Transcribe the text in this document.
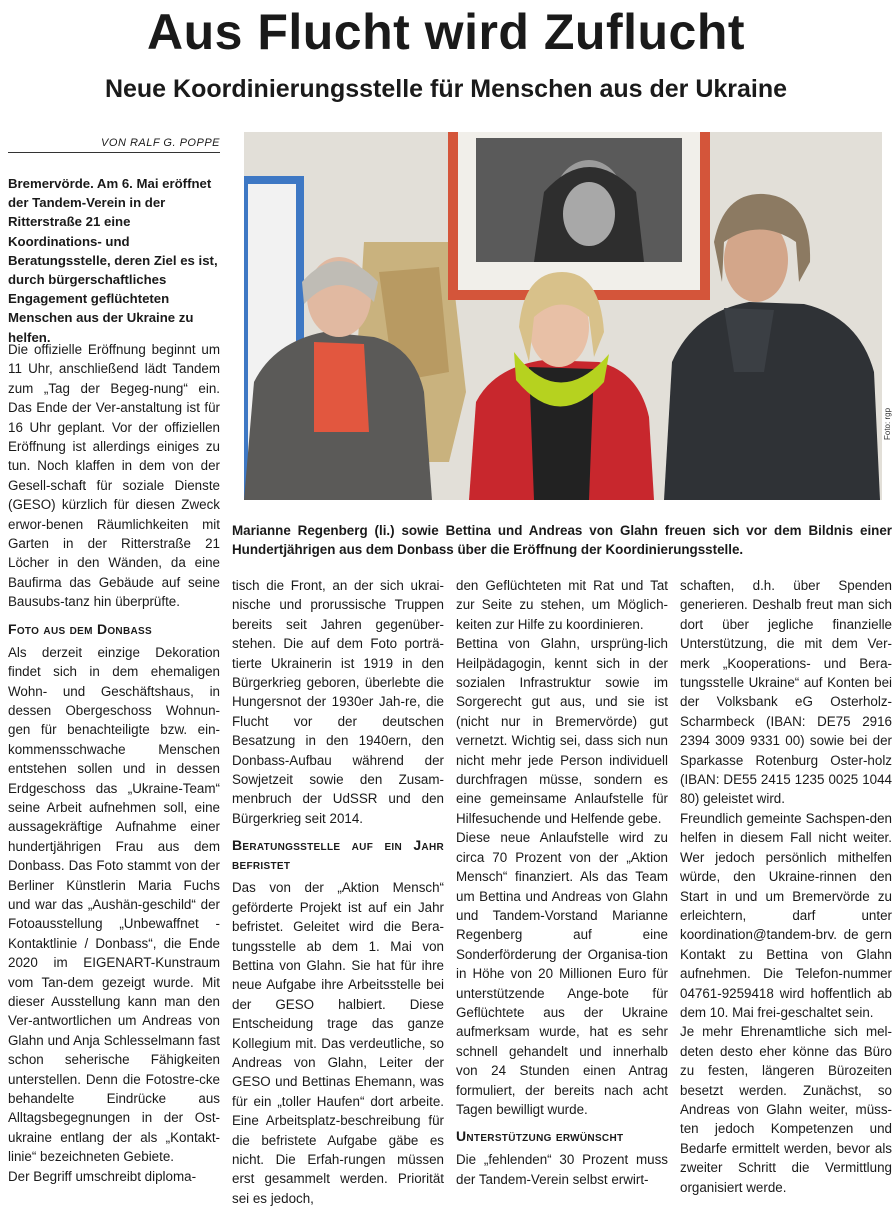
Aus Flucht wird Zuflucht
Neue Koordinierungsstelle für Menschen aus der Ukraine
VON RALF G. POPPE
Bremervörde. Am 6. Mai eröffnet der Tandem-Verein in der Ritterstraße 21 eine Koordinations- und Beratungsstelle, deren Ziel es ist, durch bürgerschaftliches Engagement geflüchteten Menschen aus der Ukraine zu helfen.
Foto: rgp
Marianne Regenberg (li.) sowie Bettina und Andreas von Glahn freuen sich vor dem Bildnis einer Hundertjährigen aus dem Donbass über die Eröffnung der Koordinierungsstelle.

Die offizielle Eröffnung beginnt um 11 Uhr, anschließend lädt Tandem zum „Tag der Begeg-nung“ ein. Das Ende der Ver-anstaltung ist für 16 Uhr geplant. Vor der offiziellen Eröffnung ist allerdings einiges zu tun. Noch klaffen in dem von der Gesell-schaft für soziale Dienste (GESO) kürzlich für diesen Zweck erwor-benen Räumlichkeiten mit Garten in der Ritterstraße 21 Löcher in den Wänden, da eine Baufirma das Gebäude auf seine Bausubs-tanz hin überprüfte.

Foto aus dem Donbass

Als derzeit einzige Dekoration findet sich in dem ehemaligen Wohn- und Geschäftshaus, in dessen Obergeschoss Wohnun-gen für benachteiligte bzw. ein-kommensschwache Menschen entstehen sollen und in dessen Erdgeschoss das „Ukraine-Team“ seine Arbeit aufnehmen soll, eine aussagekräftige Aufnahme einer hundertjährigen Frau aus dem Donbass. Das Foto stammt von der Berliner Künstlerin Maria Fuchs und war das „Aushän-geschild“ der Fotoausstellung „Unbewaffnet - Kontaktlinie / Donbass“, die Ende 2020 im EIGENART-Kunstraum vom Tan-dem gezeigt wurde. Mit dieser Ausstellung kann man den Ver-antwortlichen um Andreas von Glahn und Anja Schlesselmann fast schon seherische Fähigkeiten unterstellen. Denn die Fotostre-cke behandelte Eindrücke aus Alltagsbegegnungen in der Ost-ukraine entlang der als „Kontakt-linie“ bezeichneten Gebiete.

Der Begriff umschreibt diploma-

tisch die Front, an der sich ukrai-nische und prorussische Truppen bereits seit Jahren gegenüber-stehen. Die auf dem Foto porträ-tierte Ukrainerin ist 1919 in den Bürgerkrieg geboren, überlebte die Hungersnot der 1930er Jah-re, die Flucht vor der deutschen Besatzung in den 1940ern, den Donbass-Aufbau während der Sowjetzeit sowie den Zusam-menbruch der UdSSR und den Bürgerkrieg seit 2014.

Beratungsstelle auf ein Jahr befristet

Das von der „Aktion Mensch“ geförderte Projekt ist auf ein Jahr befristet. Geleitet wird die Bera-tungsstelle ab dem 1. Mai von Bettina von Glahn. Sie hat für ihre neue Aufgabe ihre Arbeitsstelle bei der GESO halbiert. Diese Entscheidung trage das ganze Kollegium mit. Das verdeutliche, so Andreas von Glahn, Leiter der GESO und Bettinas Ehemann, was für ein „toller Haufen“ dort arbeite. Eine Arbeitsplatz-beschreibung für die befristete Aufgabe gäbe es nicht. Die Erfah-rungen müssen erst gesammelt werden. Priorität sei es jedoch,

den Geflüchteten mit Rat und Tat zur Seite zu stehen, um Möglich-keiten zur Hilfe zu koordinieren.

Bettina von Glahn, ursprüng-lich Heilpädagogin, kennt sich in der sozialen Infrastruktur sowie im Sorgerecht gut aus, und sie ist (nicht nur in Bremervörde) gut vernetzt. Wichtig sei, dass sich nun nicht mehr jede Person individuell durchfragen müsse, sondern es eine gemeinsame Anlaufstelle für Hilfesuchende und Helfende gebe.

Diese neue Anlaufstelle wird zu circa 70 Prozent von der „Aktion Mensch“ finanziert. Als das Team um Bettina und Andreas von Glahn und Tandem-Vorstand Marianne Regenberg auf eine Sonderförderung der Organisa-tion in Höhe von 20 Millionen Euro für unterstützende Ange-bote für Geflüchtete aus der Ukraine aufmerksam wurde, hat es sehr schnell gehandelt und innerhalb von 24 Stunden einen Antrag formuliert, der bereits nach acht Tagen bewilligt wurde.

Unterstützung erwünscht

Die „fehlenden“ 30 Prozent muss der Tandem-Verein selbst erwirt-

schaften, d.h. über Spenden generieren. Deshalb freut man sich dort über jegliche finanzielle Unterstützung, die mit dem Ver-merk „Kooperations- und Bera-tungsstelle Ukraine“ auf Konten bei der Volksbank eG Osterholz-Scharmbeck (IBAN: DE75 2916 2394 3009 9331 00) sowie bei der Sparkasse Rotenburg Oster-holz (IBAN: DE55 2415 1235 0025 1044 80) geleistet wird.

Freundlich gemeinte Sachspen-den helfen in diesem Fall nicht weiter. Wer jedoch persönlich mithelfen würde, den Ukraine-rinnen den Start in und um Bremervörde zu erleichtern, darf unter koordination@tandem-brv. de gern Kontakt zu Bettina von Glahn aufnehmen. Die Telefon-nummer 04761-9259418 wird hoffentlich ab dem 10. Mai frei-geschaltet sein.

Je mehr Ehrenamtliche sich mel-deten desto eher könne das Büro zu festen, längeren Bürozeiten besetzt werden. Zunächst, so Andreas von Glahn weiter, müss-ten jedoch Kompetenzen und Bedarfe ermittelt werden, bevor als zweiter Schritt die Vermittlung organisiert werde.
